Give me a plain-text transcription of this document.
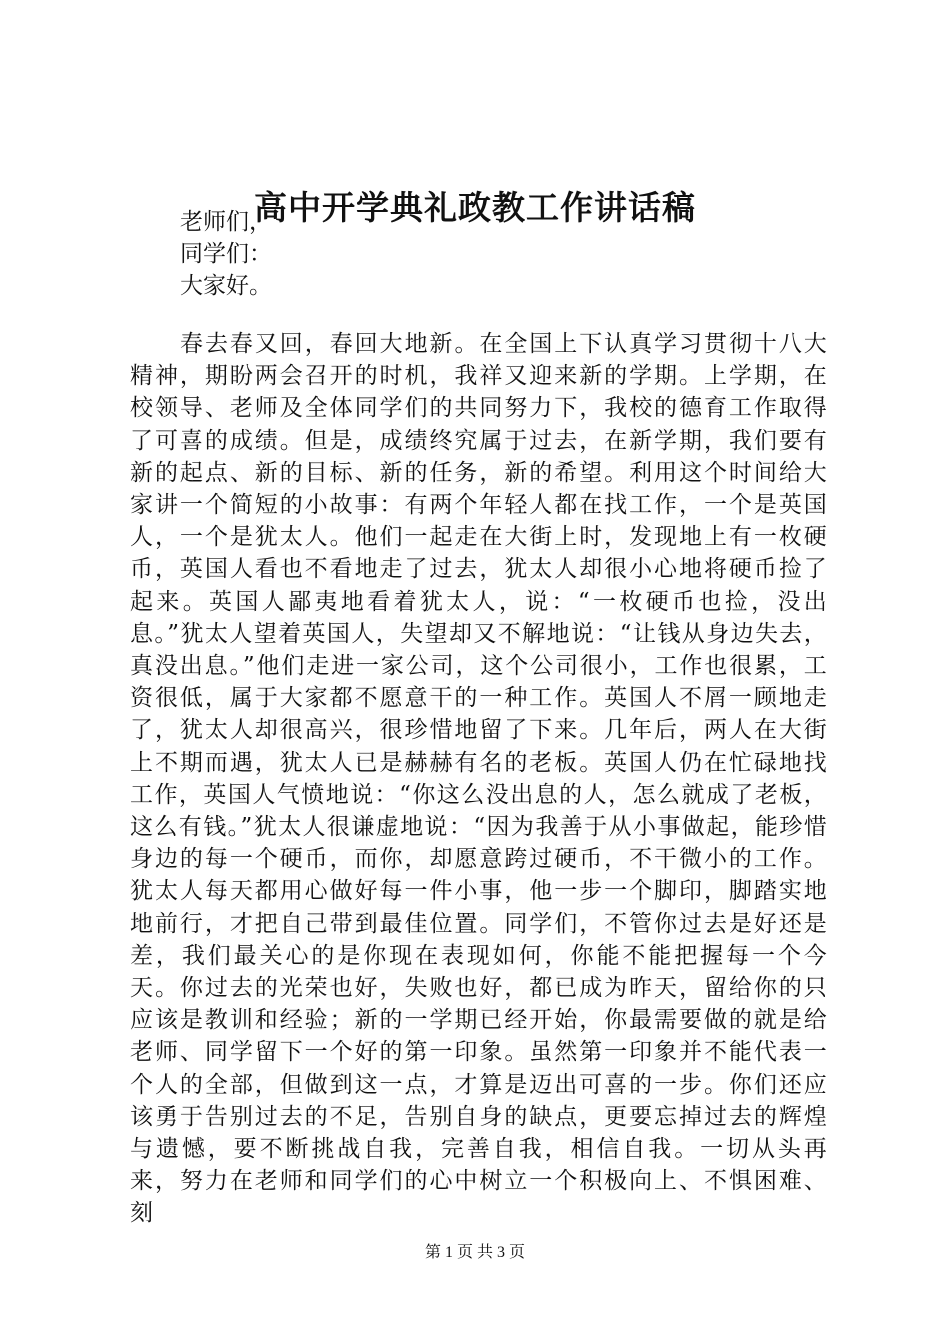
高中开学典礼政教工作讲话稿
老师们，
同学们：
大家好。
春去春又回，春回大地新。在全国上下认真学习贯彻十八大精神，期盼两会召开的时机，我祥又迎来新的学期。上学期，在校领导、老师及全体同学们的共同努力下，我校的德育工作取得了可喜的成绩。但是，成绩终究属于过去，在新学期，我们要有新的起点、新的目标、新的任务，新的希望。利用这个时间给大家讲一个简短的小故事：有两个年轻人都在找工作，一个是英国人，一个是犹太人。他们一起走在大街上时，发现地上有一枚硬币，英国人看也不看地走了过去，犹太人却很小心地将硬币捡了起来。英国人鄙夷地看着犹太人，说：“一枚硬币也捡，没出息。”犹太人望着英国人，失望却又不解地说：“让钱从身边失去，真没出息。”他们走进一家公司，这个公司很小，工作也很累，工资很低，属于大家都不愿意干的一种工作。英国人不屑一顾地走了，犹太人却很高兴，很珍惜地留了下来。几年后，两人在大街上不期而遇，犹太人已是赫赫有名的老板。英国人仍在忙碌地找工作，英国人气愤地说：“你这么没出息的人，怎么就成了老板，这么有钱。”犹太人很谦虚地说：“因为我善于从小事做起，能珍惜身边的每一个硬币，而你，却愿意跨过硬币，不干微小的工作。犹太人每天都用心做好每一件小事，他一步一个脚印，脚踏实地地前行，才把自己带到最佳位置。同学们，不管你过去是好还是差，我们最关心的是你现在表现如何，你能不能把握每一个今天。你过去的光荣也好，失败也好，都已成为昨天，留给你的只应该是教训和经验；新的一学期已经开始，你最需要做的就是给老师、同学留下一个好的第一印象。虽然第一印象并不能代表一个人的全部，但做到这一点，才算是迈出可喜的一步。你们还应该勇于告别过去的不足，告别自身的缺点，更要忘掉过去的辉煌与遗憾，要不断挑战自我，完善自我，相信自我。一切从头再来，努力在老师和同学们的心中树立一个积极向上、不惧困难、刻
第 1 页 共 3 页
